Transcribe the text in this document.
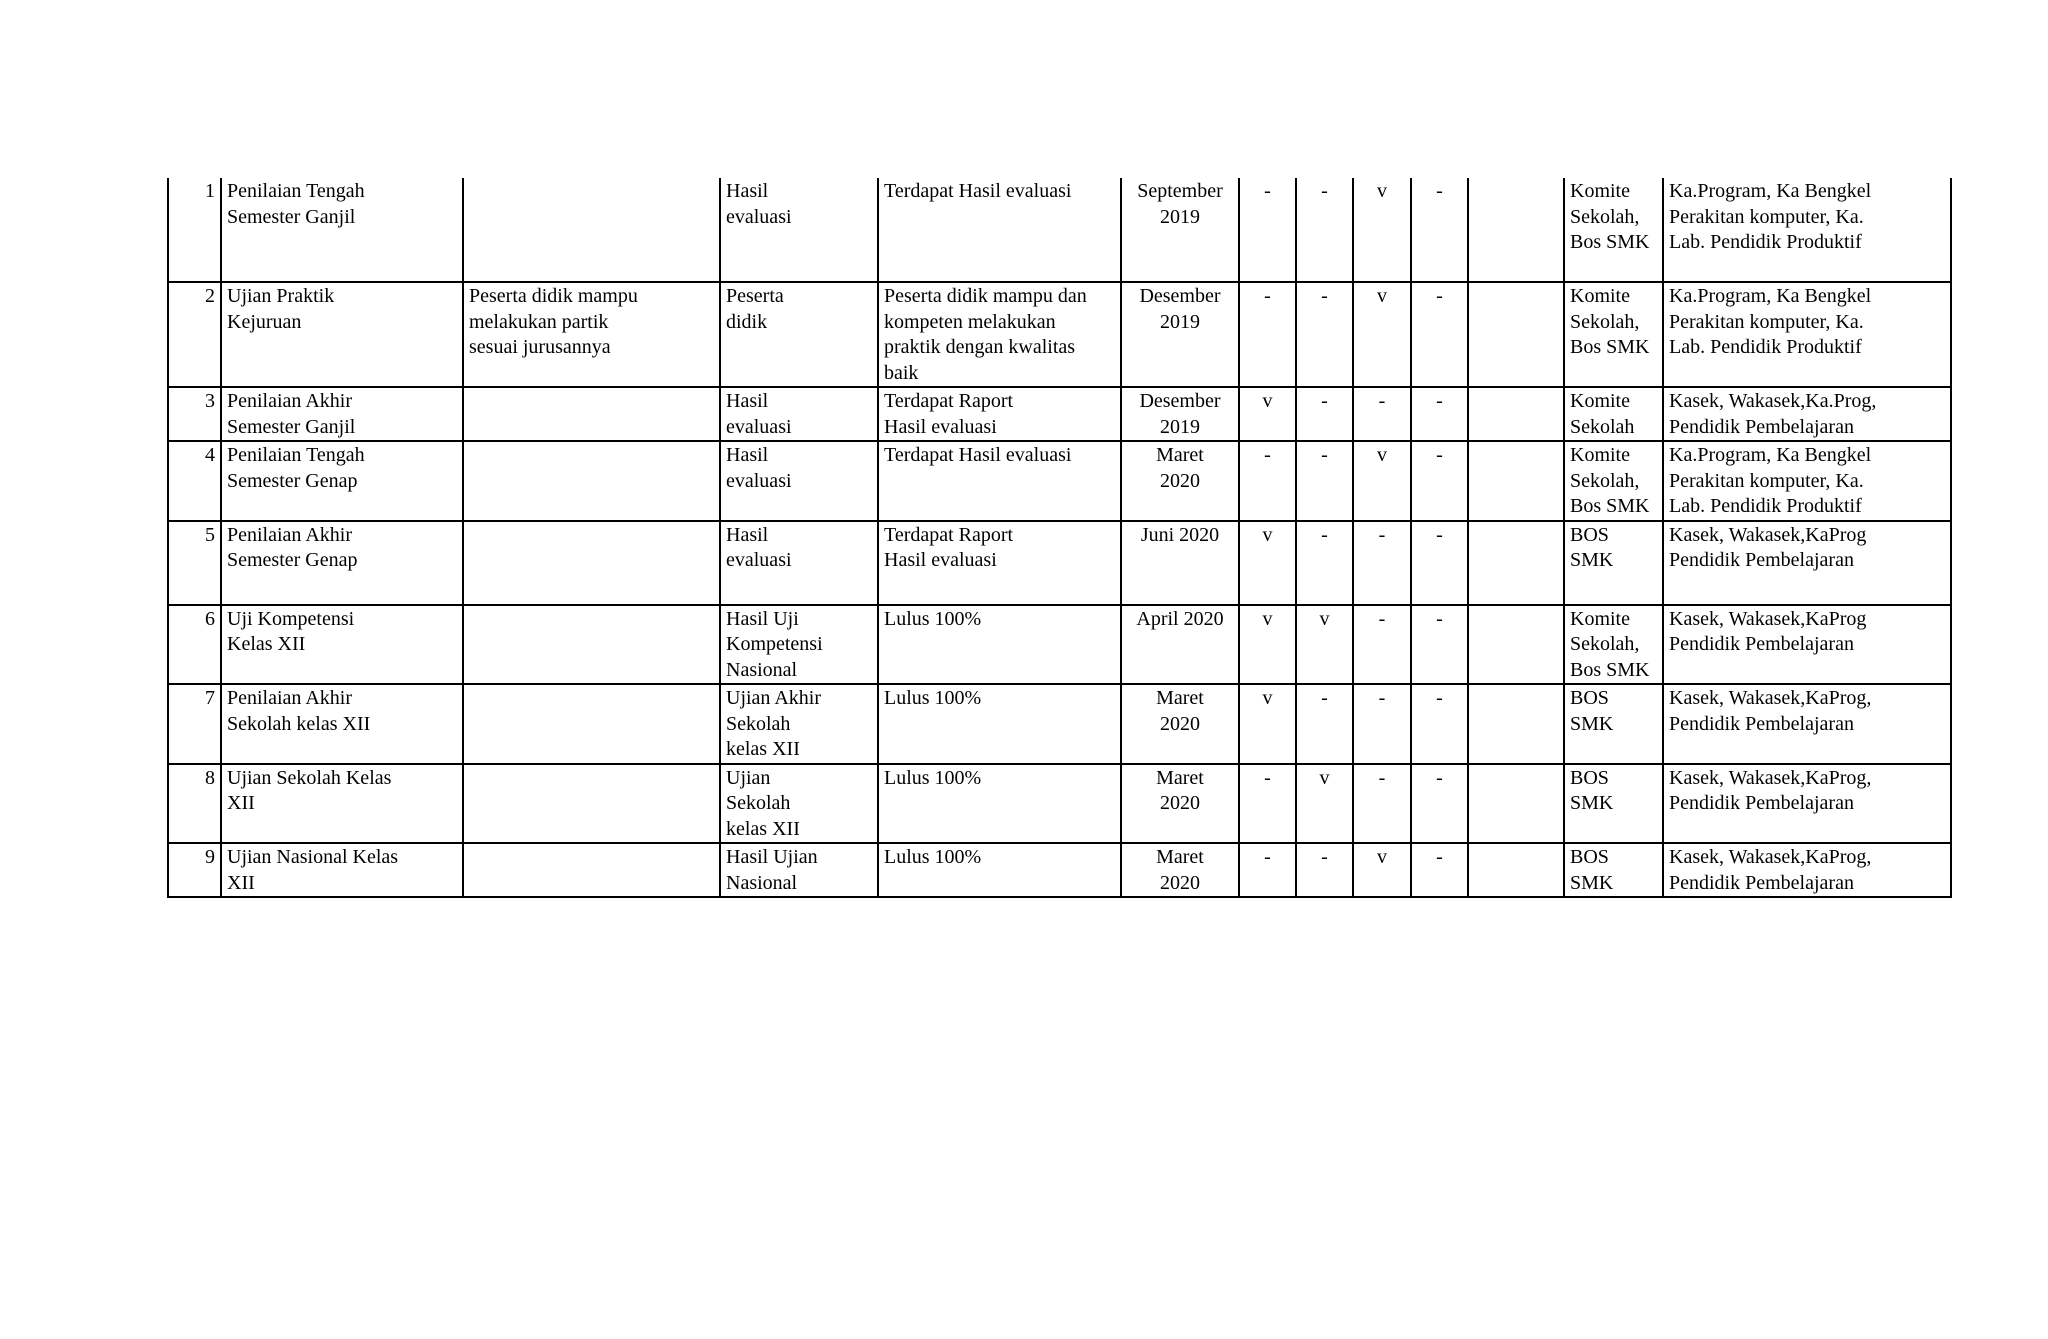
1	Penilaian Tengah
Semester Ganjil		Hasil
evaluasi	Terdapat Hasil evaluasi	September
2019	-	-	v	-		Komite
Sekolah,
Bos SMK	Ka.Program, Ka Bengkel
Perakitan komputer, Ka.
Lab. Pendidik Produktif
2	Ujian Praktik
Kejuruan	Peserta didik mampu
melakukan partik
sesuai jurusannya	Peserta
didik	Peserta didik mampu dan
kompeten melakukan
praktik dengan kwalitas
baik	Desember
2019	-	-	v	-		Komite
Sekolah,
Bos SMK	Ka.Program, Ka Bengkel
Perakitan komputer, Ka.
Lab. Pendidik Produktif
3	Penilaian Akhir
Semester Ganjil		Hasil
evaluasi	Terdapat Raport
Hasil evaluasi	Desember
2019	v	-	-	-		Komite
Sekolah	Kasek, Wakasek,Ka.Prog,
Pendidik Pembelajaran
4	Penilaian Tengah
Semester Genap		Hasil
evaluasi	Terdapat Hasil evaluasi	Maret
2020	-	-	v	-		Komite
Sekolah,
Bos SMK	Ka.Program, Ka Bengkel
Perakitan komputer, Ka.
Lab. Pendidik Produktif
5	Penilaian Akhir
Semester Genap		Hasil
evaluasi	Terdapat Raport
Hasil evaluasi	Juni 2020	v	-	-	-		BOS
SMK	Kasek, Wakasek,KaProg
Pendidik Pembelajaran
6	Uji Kompetensi
Kelas XII		Hasil Uji
Kompetensi
Nasional	Lulus 100%	April 2020	v	v	-	-		Komite
Sekolah,
Bos SMK	Kasek, Wakasek,KaProg
Pendidik Pembelajaran
7	Penilaian Akhir
Sekolah kelas XII		Ujian Akhir
Sekolah
kelas XII	Lulus 100%	Maret
2020	v	-	-	-		BOS
SMK	Kasek, Wakasek,KaProg,
Pendidik Pembelajaran
8	Ujian Sekolah Kelas
XII		Ujian
Sekolah
kelas XII	Lulus 100%	Maret
2020	-	v	-	-		BOS
SMK	Kasek, Wakasek,KaProg,
Pendidik Pembelajaran
9	Ujian Nasional Kelas
XII		Hasil Ujian
Nasional	Lulus 100%	Maret
2020	-	-	v	-		BOS
SMK	Kasek, Wakasek,KaProg,
Pendidik Pembelajaran
